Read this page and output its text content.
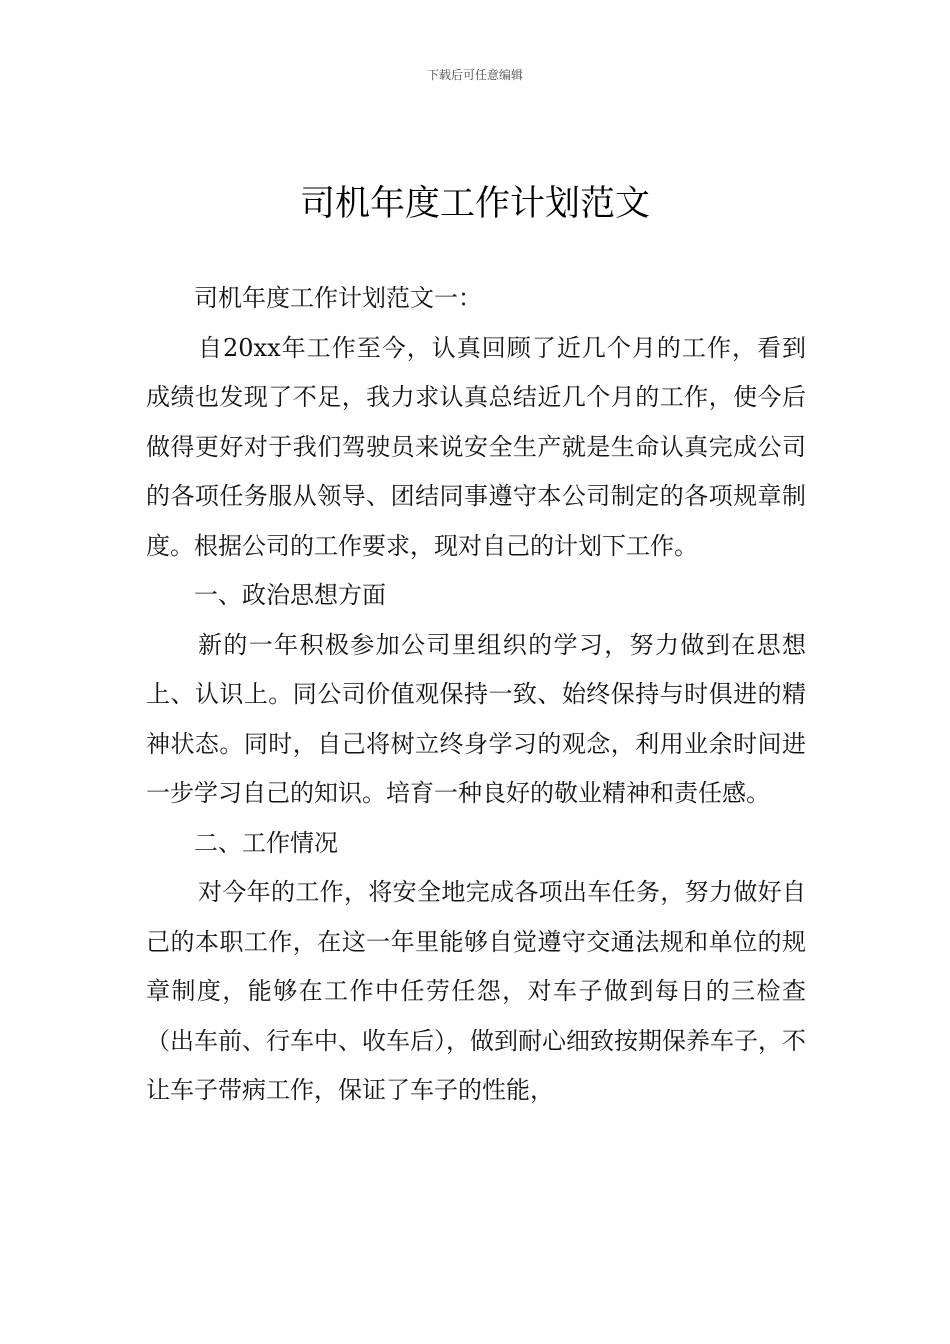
下载后可任意编辑
司机年度工作计划范文

司机年度工作计划范文一：

自20xx年工作至今，认真回顾了近几个月的工作，看到成绩也发现了不足，我力求认真总结近几个月的工作，使今后做得更好对于我们驾驶员来说安全生产就是生命认真完成公司的各项任务服从领导、团结同事遵守本公司制定的各项规章制度。根据公司的工作要求，现对自己的计划下工作。

一、政治思想方面

新的一年积极参加公司里组织的学习，努力做到在思想上、认识上。同公司价值观保持一致、始终保持与时俱进的精神状态。同时，自己将树立终身学习的观念，利用业余时间进一步学习自己的知识。培育一种良好的敬业精神和责任感。

二、工作情况

对今年的工作，将安全地完成各项出车任务，努力做好自己的本职工作，在这一年里能够自觉遵守交通法规和单位的规章制度，能够在工作中任劳任怨，对车子做到每日的三检查（出车前、行车中、收车后），做到耐心细致按期保养车子，不让车子带病工作，保证了车子的性能，
